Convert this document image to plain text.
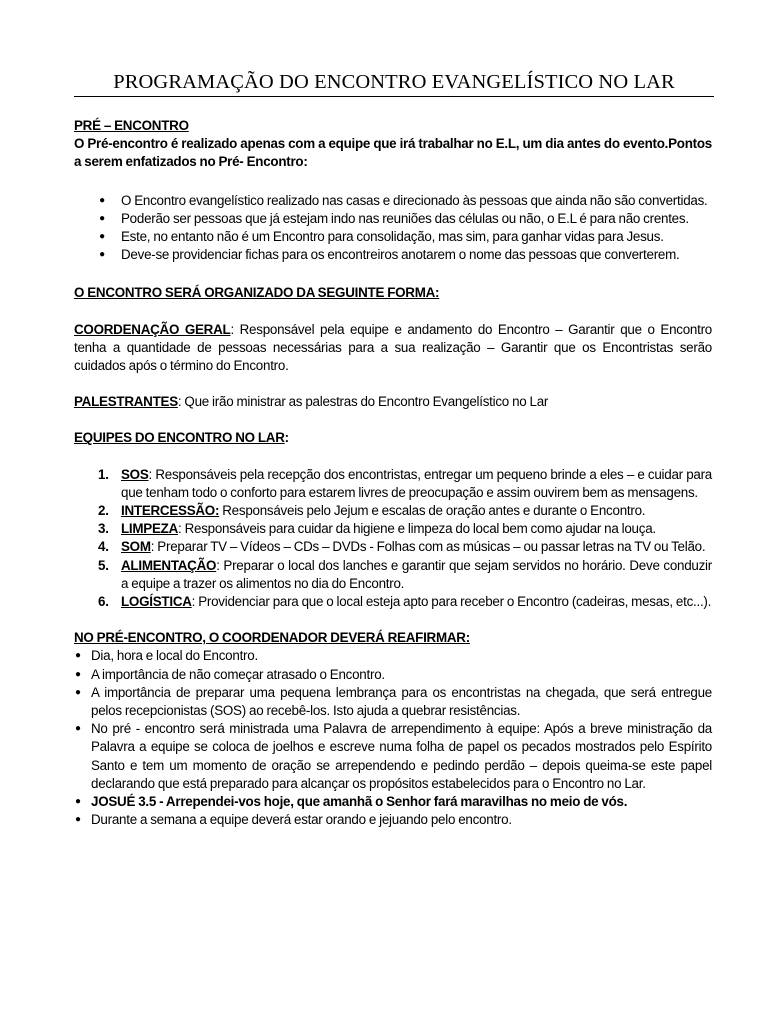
PROGRAMAÇÃO DO ENCONTRO EVANGELÍSTICO NO LAR

PRÉ – ENCONTRO

O Pré-encontro é realizado apenas com a equipe que irá trabalhar no E.L, um dia antes do evento.Pontos a serem enfatizados no Pré- Encontro:

● O Encontro evangelístico realizado nas casas e direcionado às pessoas que ainda não são convertidas.
● Poderão ser pessoas que já estejam indo nas reuniões das células ou não, o E.L é para não crentes.
● Este, no entanto não é um Encontro para consolidação, mas sim, para ganhar vidas para Jesus.
● Deve-se providenciar fichas para os encontreiros anotarem o nome das pessoas que converterem.

O ENCONTRO SERÁ ORGANIZADO DA SEGUINTE FORMA:

COORDENAÇÃO GERAL: Responsável pela equipe e andamento do Encontro – Garantir que o Encontro tenha a quantidade de pessoas necessárias para a sua realização – Garantir que os Encontristas serão cuidados após o término do Encontro.

PALESTRANTES: Que irão ministrar as palestras do Encontro Evangelístico no Lar

EQUIPES DO ENCONTRO NO LAR:

1. SOS: Responsáveis pela recepção dos encontristas, entregar um pequeno brinde a eles – e cuidar para que tenham todo o conforto para estarem livres de preocupação e assim ouvirem bem as mensagens.
2. INTERCESSÃO: Responsáveis pelo Jejum e escalas de oração antes e durante o Encontro.
3. LIMPEZA: Responsáveis para cuidar da higiene e limpeza do local bem como ajudar na louça.
4. SOM: Preparar TV – Vídeos – CDs – DVDs - Folhas com as músicas – ou passar letras na TV ou Telão.
5. ALIMENTAÇÃO: Preparar o local dos lanches e garantir que sejam servidos no horário. Deve conduzir a equipe a trazer os alimentos no dia do Encontro.
6. LOGÍSTICA: Providenciar para que o local esteja apto para receber o Encontro (cadeiras, mesas, etc...).

NO PRÉ-ENCONTRO, O COORDENADOR DEVERÁ REAFIRMAR:

● Dia, hora e local do Encontro.
● A importância de não começar atrasado o Encontro.
● A importância de preparar uma pequena lembrança para os encontristas na chegada, que será entregue pelos recepcionistas (SOS) ao recebê-los. Isto ajuda a quebrar resistências.
● No pré - encontro será ministrada uma Palavra de arrependimento à equipe: Após a breve ministração da Palavra a equipe se coloca de joelhos e escreve numa folha de papel os pecados mostrados pelo Espírito Santo e tem um momento de oração se arrependendo e pedindo perdão – depois queima-se este papel declarando que está preparado para alcançar os propósitos estabelecidos para o Encontro no Lar.
● JOSUÉ 3.5 - Arrependei-vos hoje, que amanhã o Senhor fará maravilhas no meio de vós.
● Durante a semana a equipe deverá estar orando e jejuando pelo encontro.
